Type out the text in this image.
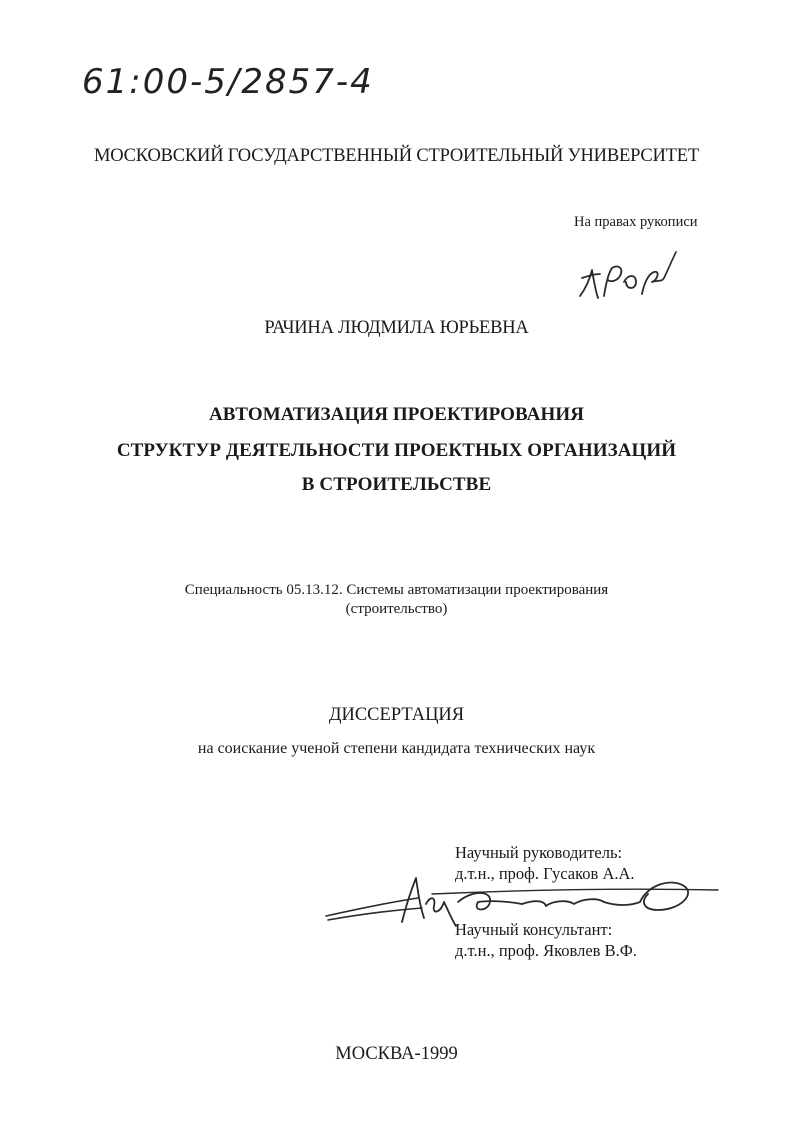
61:00-5/2857-4
МОСКОВСКИЙ ГОСУДАРСТВЕННЫЙ СТРОИТЕЛЬНЫЙ УНИВЕРСИТЕТ
На правах рукописи
РАЧИНА ЛЮДМИЛА ЮРЬЕВНА
АВТОМАТИЗАЦИЯ ПРОЕКТИРОВАНИЯ
СТРУКТУР ДЕЯТЕЛЬНОСТИ ПРОЕКТНЫХ ОРГАНИЗАЦИЙ
В СТРОИТЕЛЬСТВЕ
Специальность 05.13.12. Системы автоматизации проектирования
(строительство)
ДИССЕРТАЦИЯ
на соискание ученой степени кандидата технических наук
Научный руководитель:
д.т.н., проф. Гусаков А.А.
Научный консультант:
д.т.н., проф. Яковлев В.Ф.
МОСКВА-1999
